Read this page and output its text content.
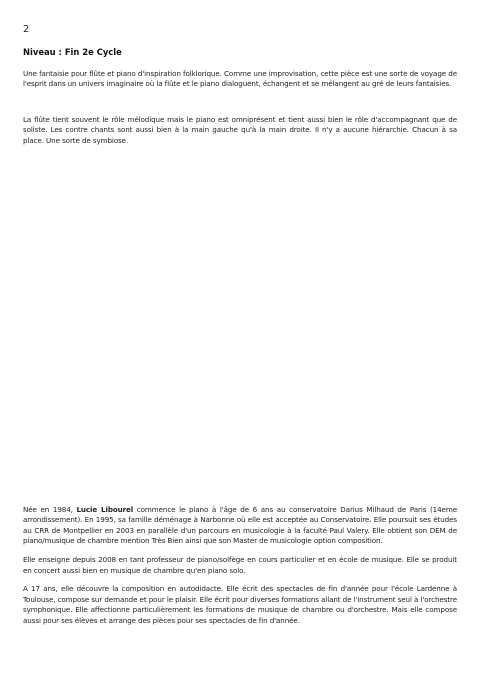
2
Niveau : Fin 2e Cycle

Une fantaisie pour flûte et piano d'inspiration folklorique. Comme une improvisation, cette pièce est une sorte de voyage de l'esprit dans un univers imaginaire où la flûte et le piano dialoguent, échangent et se mélangent au gré de leurs fantaisies.

La flûte tient souvent le rôle mélodique mais le piano est omniprésent et tient aussi bien le rôle d'accompagnant que de soliste. Les contre chants sont aussi bien à la main gauche qu'à la main droite. Il n'y a aucune hiérarchie. Chacun à sa place. Une sorte de symbiose.

Née en 1984, Lucie Libourel commence le piano à l'âge de 6 ans au conservatoire Darius Milhaud de Paris (14eme arrondissement). En 1995, sa famille déménage à Narbonne où elle est acceptée au Conservatoire. Elle poursuit ses études au CRR de Montpellier en 2003 en parallèle d'un parcours en musicologie à la faculté Paul Valery. Elle obtient son DEM de piano/musique de chambre mention Très Bien ainsi que son Master de musicologie option composition.

Elle enseigne depuis 2008 en tant professeur de piano/solfège en cours particulier et en école de musique. Elle se produit en concert aussi bien en musique de chambre qu'en piano solo.

A 17 ans, elle découvre la composition en autodidacte. Elle écrit des spectacles de fin d'année pour l'école Lardenne à Toulouse, compose sur demande et pour le plaisir. Elle écrit pour diverses formations allant de l'instrument seul à l'orchestre symphonique. Elle affectionne particulièrement les formations de musique de chambre ou d'orchestre. Mais elle compose aussi pour ses élèves et arrange des pièces pour ses spectacles de fin d'année.
